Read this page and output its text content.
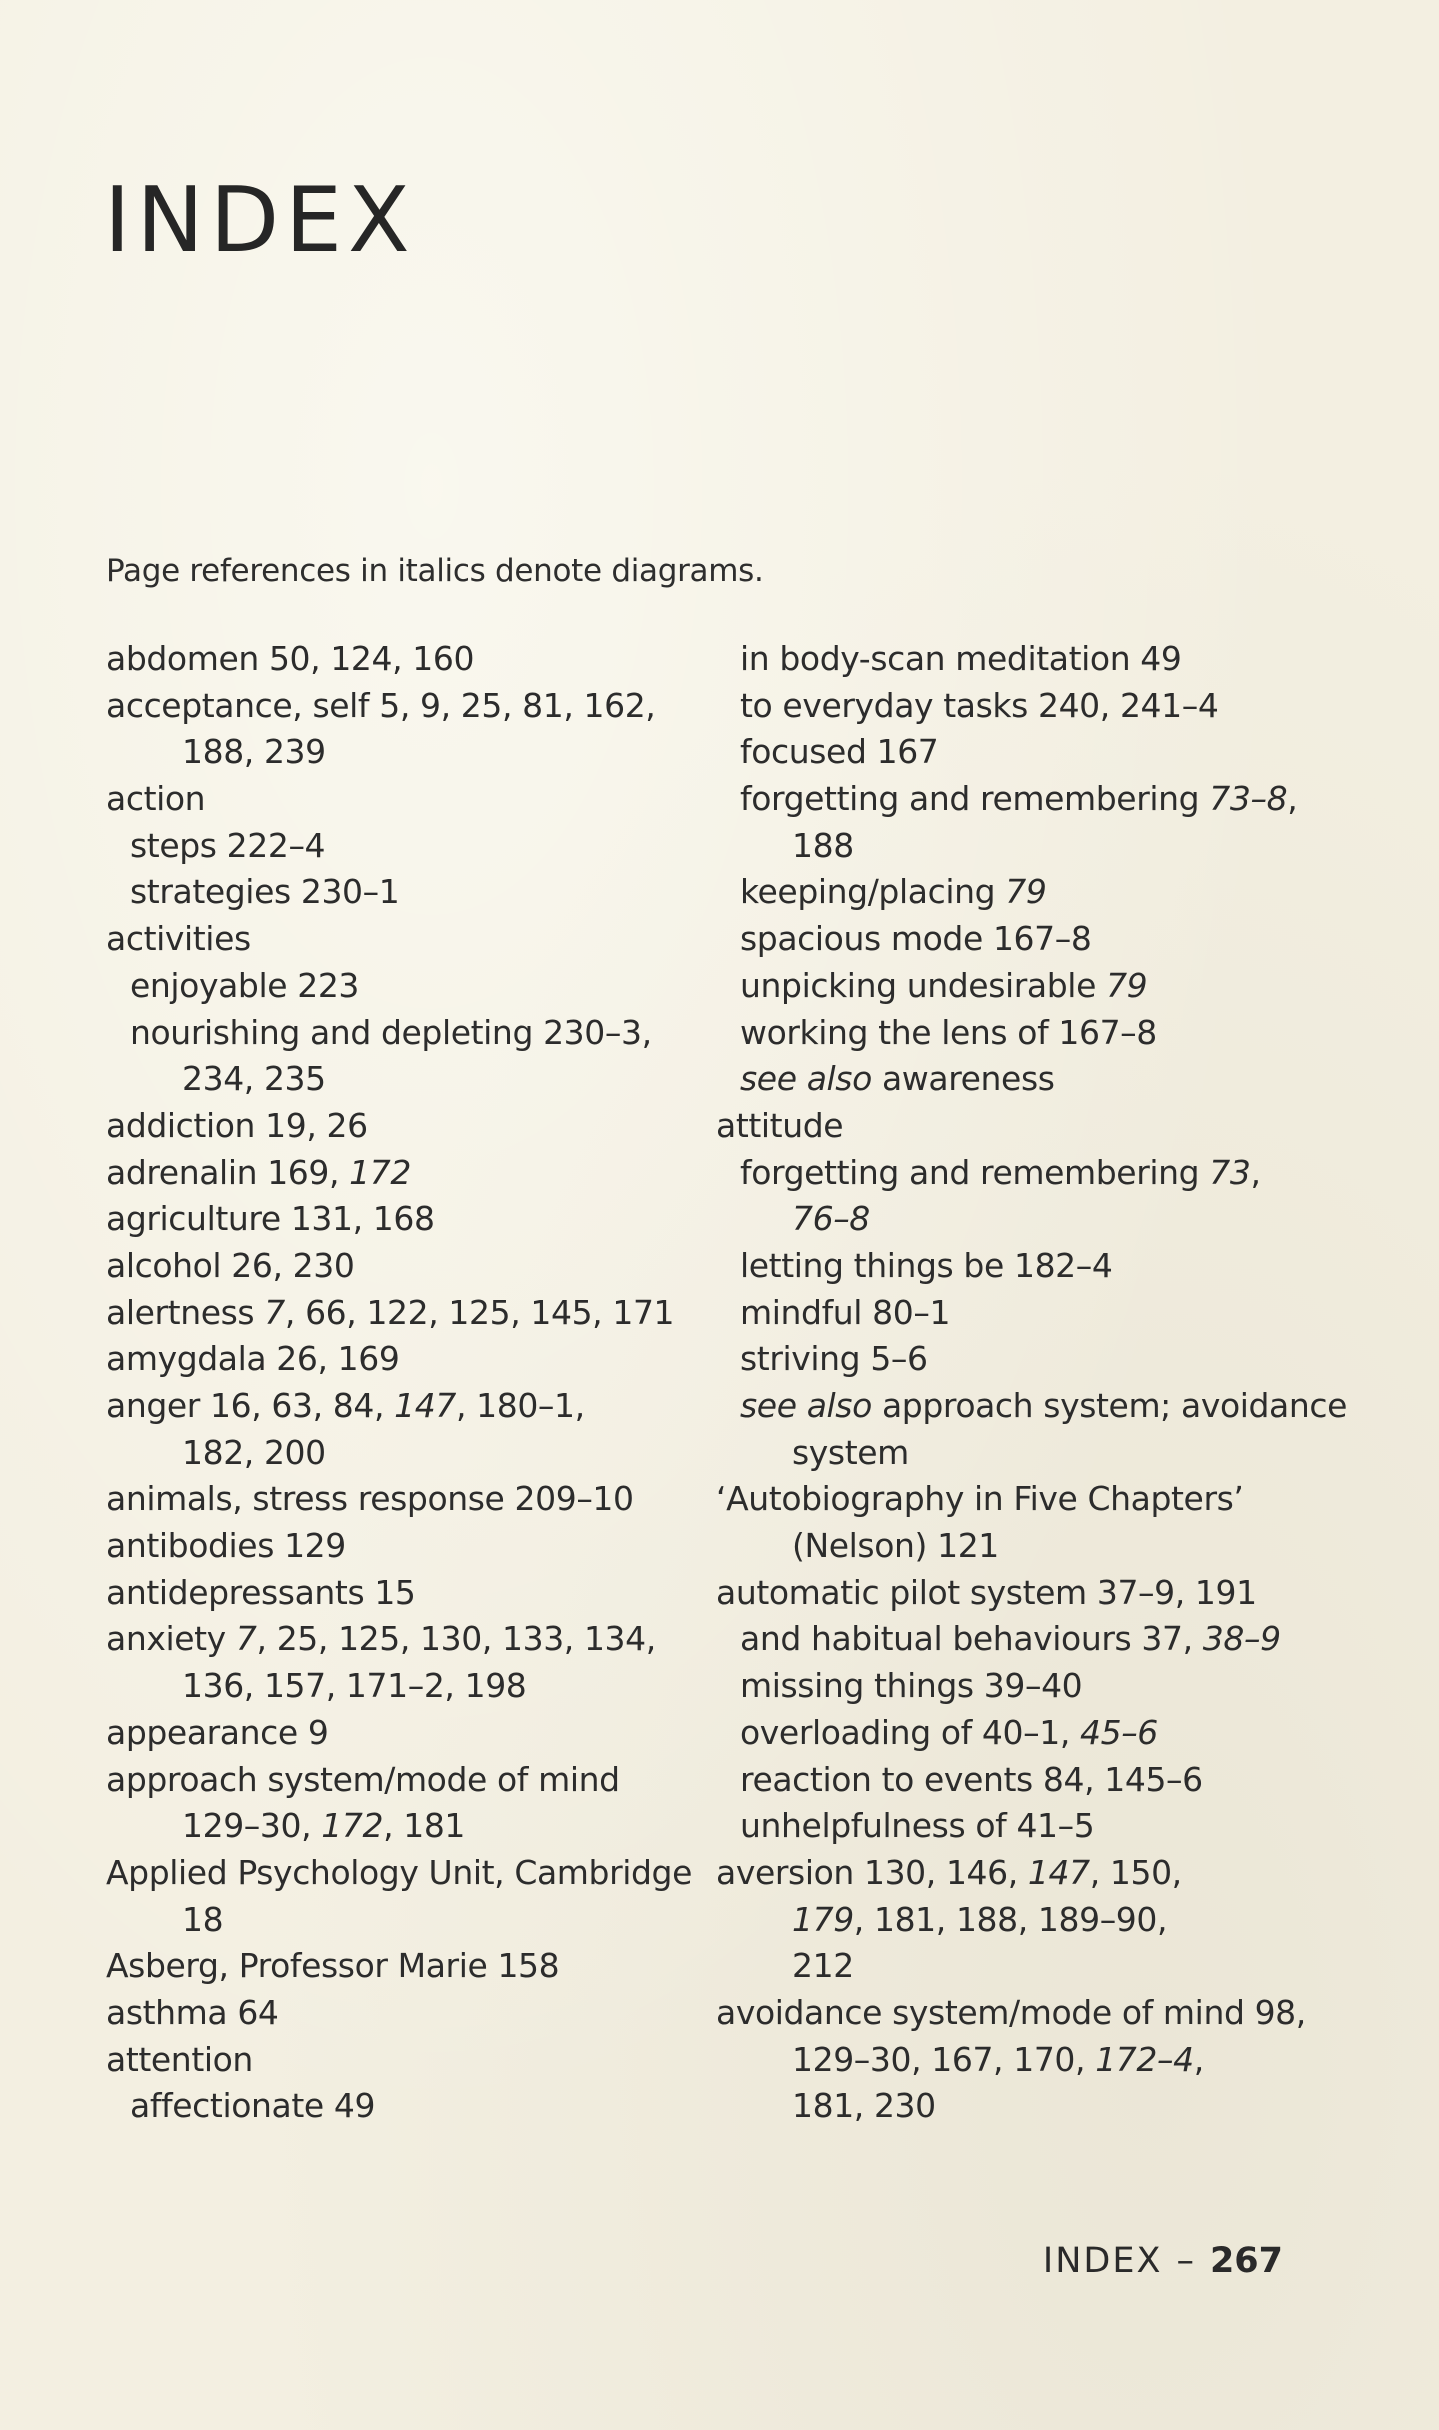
INDEX

Page references in italics denote diagrams.

abdomen 50, 124, 160
acceptance, self 5, 9, 25, 81, 162,
188, 239
action
steps 222–4
strategies 230–1
activities
enjoyable 223
nourishing and depleting 230–3,
234, 235
addiction 19, 26
adrenalin 169, 172
agriculture 131, 168
alcohol 26, 230
alertness 7, 66, 122, 125, 145, 171
amygdala 26, 169
anger 16, 63, 84, 147, 180–1,
182, 200
animals, stress response 209–10
antibodies 129
antidepressants 15
anxiety 7, 25, 125, 130, 133, 134,
136, 157, 171–2, 198
appearance 9
approach system/mode of mind
129–30, 172, 181
Applied Psychology Unit, Cambridge
18
Asberg, Professor Marie 158
asthma 64
attention
affectionate 49
in body-scan meditation 49
to everyday tasks 240, 241–4
focused 167
forgetting and remembering 73–8,
188
keeping/placing 79
spacious mode 167–8
unpicking undesirable 79
working the lens of 167–8
see also awareness
attitude
forgetting and remembering 73,
76–8
letting things be 182–4
mindful 80–1
striving 5–6
see also approach system; avoidance
system
‘Autobiography in Five Chapters’
(Nelson) 121
automatic pilot system 37–9, 191
and habitual behaviours 37, 38–9
missing things 39–40
overloading of 40–1, 45–6
reaction to events 84, 145–6
unhelpfulness of 41–5
aversion 130, 146, 147, 150,
179, 181, 188, 189–90,
212
avoidance system/mode of mind 98,
129–30, 167, 170, 172–4,
181, 230
INDEX – 267
